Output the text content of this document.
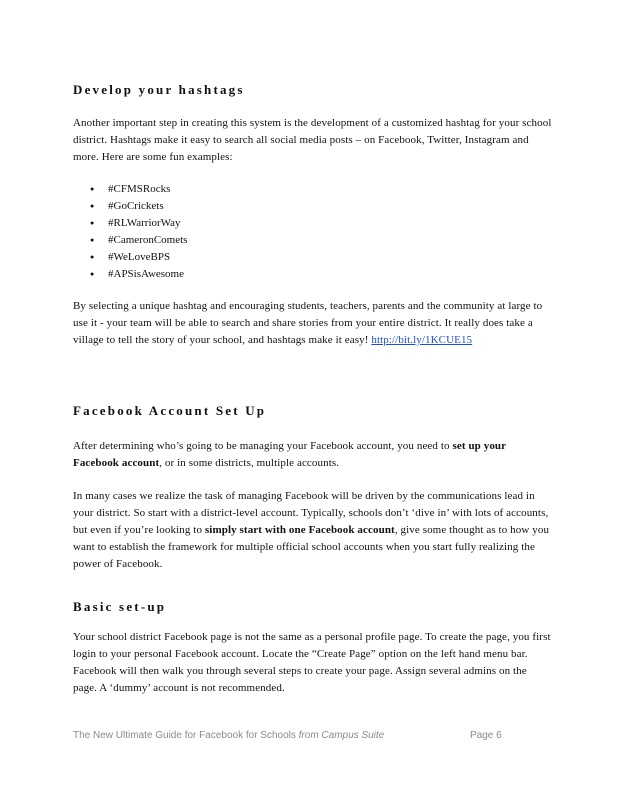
Develop your hashtags

Another important step in creating this system is the development of a customized hashtag for your school district. Hashtags make it easy to search all social media posts – on Facebook, Twitter, Instagram and more. Here are some fun examples:

● #CFMSRocks
● #GoCrickets
● #RLWarriorWay
● #CameronComets
● #WeLoveBPS
● #APSisAwesome

By selecting a unique hashtag and encouraging students, teachers, parents and the community at large to use it - your team will be able to search and share stories from your entire district. It really does take a village to tell the story of your school, and hashtags make it easy! http://bit.ly/1KCUE15

Facebook Account Set Up

After determining who’s going to be managing your Facebook account, you need to set up your Facebook account, or in some districts, multiple accounts.

In many cases we realize the task of managing Facebook will be driven by the communications lead in your district. So start with a district-level account. Typically, schools don’t ‘dive in’ with lots of accounts, but even if you’re looking to simply start with one Facebook account, give some thought as to how you want to establish the framework for multiple official school accounts when you start fully realizing the power of Facebook.

Basic set-up

Your school district Facebook page is not the same as a personal profile page. To create the page, you first login to your personal Facebook account. Locate the “Create Page” option on the left hand menu bar. Facebook will then walk you through several steps to create your page. Assign several admins on the page. A ‘dummy’ account is not recommended.

The New Ultimate Guide for Facebook for Schools from Campus Suite	Page 6
